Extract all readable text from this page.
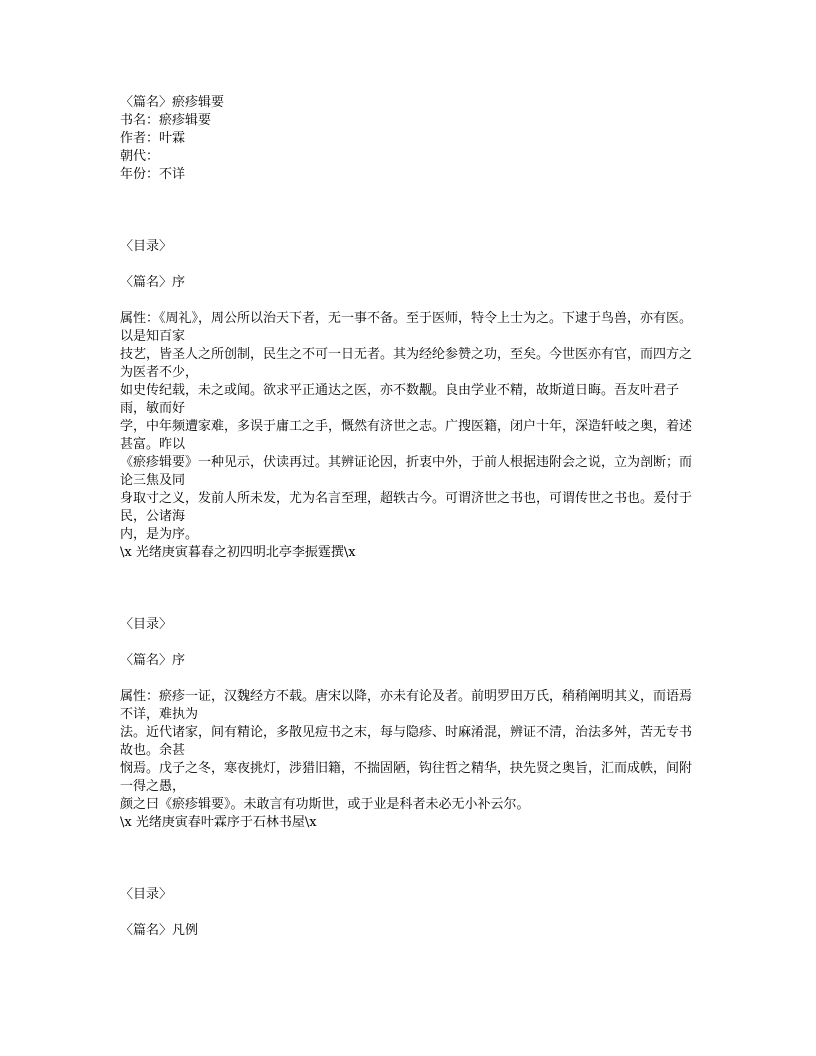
〈篇名〉瘀疹辑要

书名：瘀疹辑要

作者：叶霖

朝代：

年份：不详

〈目录〉

〈篇名〉序

属性：《周礼》，周公所以治天下者，无一事不备。至于医师，特令上士为之。下逮于鸟兽，亦有医。以是知百家

技艺，皆圣人之所创制，民生之不可一日无者。其为经纶参赞之功，至矣。今世医亦有官，而四方之为医者不少，

如史传纪载，未之或闻。欲求平正通达之医，亦不数觏。良由学业不精，故斯道日晦。吾友叶君子雨，敏而好

学，中年频遭家难，多误于庸工之手，慨然有济世之志。广搜医籍，闭户十年，深造轩岐之奥，着述甚富。昨以

《瘀疹辑要》一种见示，伏读再过。其辨证论因，折衷中外，于前人根据违附会之说，立为剖断；而论三焦及同

身取寸之义，发前人所未发，尤为名言至理，超轶古今。可谓济世之书也，可谓传世之书也。爰付于民，公诸海

内，是为序。

\x 光绪庚寅暮春之初四明北亭李振霆撰\x

〈目录〉

〈篇名〉序

属性：瘀疹一证，汉魏经方不载。唐宋以降，亦未有论及者。前明罗田万氏，稍稍阐明其义，而语焉不详，难执为

法。近代诸家，间有精论，多散见痘书之末，每与隐疹、时麻淆混，辨证不清，治法多舛，苦无专书故也。余甚

悯焉。戊子之冬，寒夜挑灯，涉猎旧籍，不揣固陋，钩往哲之精华，抉先贤之奥旨，汇而成帙，间附一得之愚，

颜之曰《瘀疹辑要》。未敢言有功斯世，或于业是科者未必无小补云尔。

\x 光绪庚寅春叶霖序于石林书屋\x

〈目录〉

〈篇名〉凡例
